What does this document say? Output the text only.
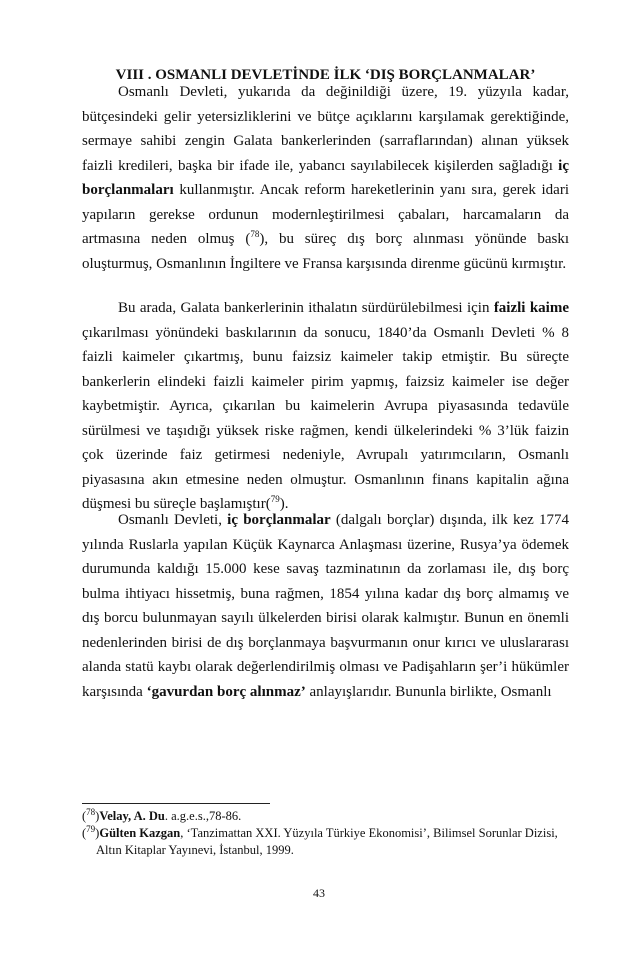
VIII . OSMANLI DEVLETİNDE İLK ‘DIŞ BORÇLANMALAR’

Osmanlı Devleti, yukarıda da değinildiği üzere, 19. yüzyıla kadar, bütçesindeki gelir yetersizliklerini ve bütçe açıklarını karşılamak gerektiğinde, sermaye sahibi zengin Galata bankerlerinden (sarraflarından) alınan yüksek faizli kredileri, başka bir ifade ile, yabancı sayılabilecek kişilerden sağladığı iç borçlanmaları kullanmıştır. Ancak reform hareketlerinin yanı sıra, gerek idari yapıların gerekse ordunun modernleştirilmesi çabaları, harcamaların da artmasına neden olmuş ($^{78}$), bu süreç dış borç alınması yönünde baskı oluşturmuş, Osmanlının İngiltere ve Fransa karşısında direnme gücünü kırmıştır.

Bu arada, Galata bankerlerinin ithalatın sürdürülebilmesi için faizli kaime çıkarılması yönündeki baskılarının da sonucu, 1840’da Osmanlı Devleti % 8 faizli kaimeler çıkartmış, bunu faizsiz kaimeler takip etmiştir. Bu süreçte bankerlerin elindeki faizli kaimeler pirim yapmış, faizsiz kaimeler ise değer kaybetmiştir. Ayrıca, çıkarılan bu kaimelerin Avrupa piyasasında tedavüle sürülmesi ve taşıdığı yüksek riske rağmen, kendi ülkelerindeki % 3’lük faizin çok üzerinde faiz getirmesi nedeniyle, Avrupalı yatırımcıların, Osmanlı piyasasına akın etmesine neden olmuştur. Osmanlının finans kapitalin ağına düşmesi bu süreçle başlamıştır($^{79}$).

Osmanlı Devleti, iç borçlanmalar (dalgalı borçlar) dışında, ilk kez 1774 yılında Ruslarla yapılan Küçük Kaynarca Anlaşması üzerine, Rusya’ya ödemek durumunda kaldığı 15.000 kese savaş tazminatının da zorlaması ile, dış borç bulma ihtiyacı hissetmiş, buna rağmen, 1854 yılına kadar dış borç almamış ve dış borcu bulunmayan sayılı ülkelerden birisi olarak kalmıştır. Bunun en önemli nedenlerinden birisi de dış borçlanmaya başvurmanın onur kırıcı ve uluslararası alanda statü kaybı olarak değerlendirilmiş olması ve Padişahların şer’i hükümler karşısında ‘gavurdan borç alınmaz’ anlayışlarıdır. Bununla birlikte, Osmanlı

($^{78}$)Velay, A. Du. a.g.e.s.,78-86.

($^{79}$)Gülten Kazgan, ‘Tanzimattan XXI. Yüzyıla Türkiye Ekonomisi’, Bilimsel Sorunlar Dizisi,
Altın Kitaplar Yayınevi, İstanbul, 1999.

43
